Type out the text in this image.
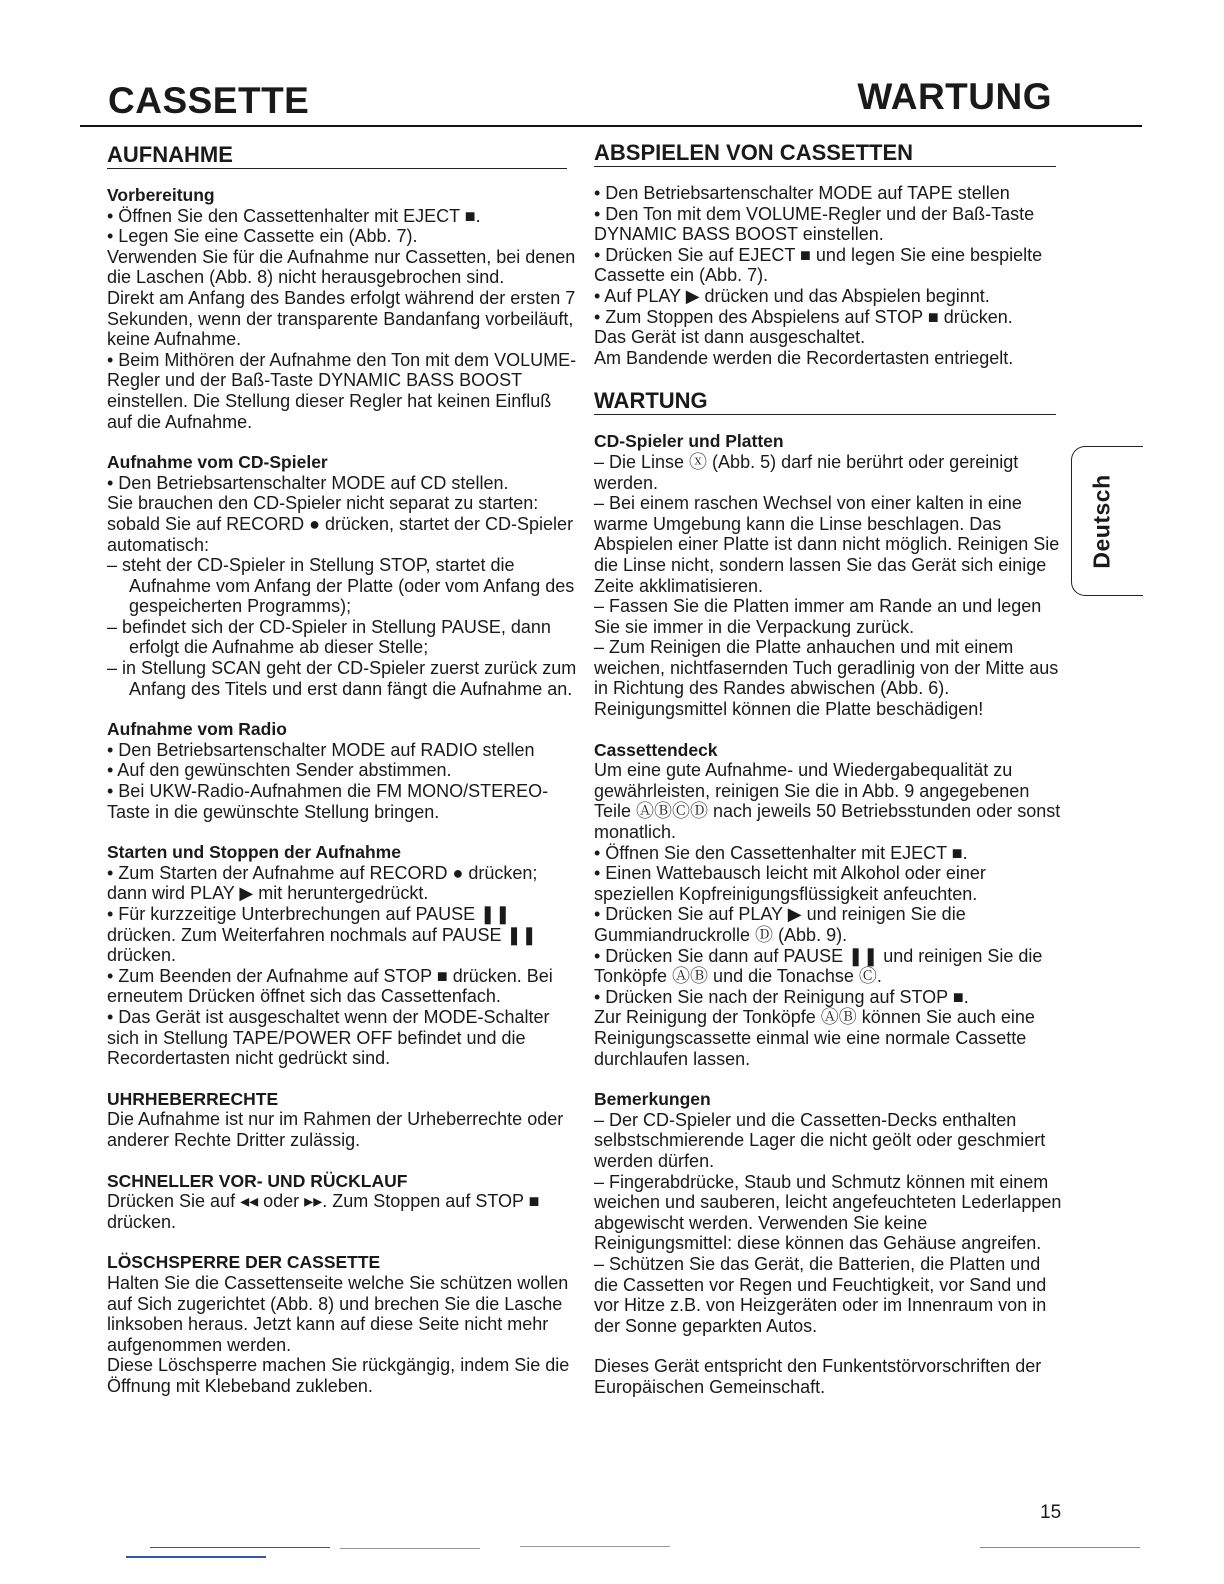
CASSETTE	WARTUNG
AUFNAHME
Vorbereitung

• Öffnen Sie den Cassettenhalter mit EJECT ■.

• Legen Sie eine Cassette ein (Abb. 7).

Verwenden Sie für die Aufnahme nur Cassetten, bei denen die Laschen (Abb. 8) nicht herausgebrochen sind.

Direkt am Anfang des Bandes erfolgt während der ersten 7 Sekunden, wenn der transparente Bandanfang vorbeiläuft, keine Aufnahme.

• Beim Mithören der Aufnahme den Ton mit dem VOLUME-Regler und der Baß-Taste DYNAMIC BASS BOOST einstellen. Die Stellung dieser Regler hat keinen Einfluß auf die Aufnahme.

Aufnahme vom CD-Spieler

• Den Betriebsartenschalter MODE auf CD stellen.

Sie brauchen den CD-Spieler nicht separat zu starten: sobald Sie auf RECORD ● drücken, startet der CD-Spieler automatisch:

– steht der CD-Spieler in Stellung STOP, startet die Aufnahme vom Anfang der Platte (oder vom Anfang des gespeicherten Programms);

– befindet sich der CD-Spieler in Stellung PAUSE, dann erfolgt die Aufnahme ab dieser Stelle;

– in Stellung SCAN geht der CD-Spieler zuerst zurück zum Anfang des Titels und erst dann fängt die Aufnahme an.

Aufnahme vom Radio

• Den Betriebsartenschalter MODE auf RADIO stellen

• Auf den gewünschten Sender abstimmen.

• Bei UKW-Radio-Aufnahmen die FM MONO/STEREO-Taste in die gewünschte Stellung bringen.

Starten und Stoppen der Aufnahme

• Zum Starten der Aufnahme auf RECORD ● drücken; dann wird PLAY ▶ mit heruntergedrückt.

• Für kurzzeitige Unterbrechungen auf PAUSE ❚❚ drücken. Zum Weiterfahren nochmals auf PAUSE ❚❚ drücken.

• Zum Beenden der Aufnahme auf STOP ■ drücken. Bei erneutem Drücken öffnet sich das Cassettenfach.

• Das Gerät ist ausgeschaltet wenn der MODE-Schalter sich in Stellung TAPE/POWER OFF befindet und die Recordertasten nicht gedrückt sind.

UHRHEBERRECHTE

Die Aufnahme ist nur im Rahmen der Urheberrechte oder anderer Rechte Dritter zulässig.

SCHNELLER VOR- UND RÜCKLAUF

Drücken Sie auf ◂◂ oder ▸▸. Zum Stoppen auf STOP ■ drücken.

LÖSCHSPERRE DER CASSETTE

Halten Sie die Cassettenseite welche Sie schützen wollen auf Sich zugerichtet (Abb. 8) und brechen Sie die Lasche linksoben heraus. Jetzt kann auf diese Seite nicht mehr aufgenommen werden.

Diese Löschsperre machen Sie rückgängig, indem Sie die Öffnung mit Klebeband zukleben.

ABSPIELEN VON CASSETTEN

• Den Betriebsartenschalter MODE auf TAPE stellen

• Den Ton mit dem VOLUME-Regler und der Baß-Taste DYNAMIC BASS BOOST einstellen.

• Drücken Sie auf EJECT ■ und legen Sie eine bespielte Cassette ein (Abb. 7).

• Auf PLAY ▶ drücken und das Abspielen beginnt.

• Zum Stoppen des Abspielens auf STOP ■ drücken.

Das Gerät ist dann ausgeschaltet.

Am Bandende werden die Recordertasten entriegelt.

WARTUNG
CD-Spieler und Platten

– Die Linse ⓧ (Abb. 5) darf nie berührt oder gereinigt werden.

– Bei einem raschen Wechsel von einer kalten in eine warme Umgebung kann die Linse beschlagen. Das Abspielen einer Platte ist dann nicht möglich. Reinigen Sie die Linse nicht, sondern lassen Sie das Gerät sich einige Zeite akklimatisieren.

– Fassen Sie die Platten immer am Rande an und legen Sie sie immer in die Verpackung zurück.

– Zum Reinigen die Platte anhauchen und mit einem weichen, nichtfasernden Tuch geradlinig von der Mitte aus in Richtung des Randes abwischen (Abb. 6). Reinigungsmittel können die Platte beschädigen!

Cassettendeck

Um eine gute Aufnahme- und Wiedergabequalität zu gewährleisten, reinigen Sie die in Abb. 9 angegebenen Teile ⒶⒷⒸⒹ nach jeweils 50 Betriebsstunden oder sonst monatlich.

• Öffnen Sie den Cassettenhalter mit EJECT ■.

• Einen Wattebausch leicht mit Alkohol oder einer speziellen Kopfreinigungsflüssigkeit anfeuchten.

• Drücken Sie auf PLAY ▶ und reinigen Sie die Gummiandruckrolle Ⓓ (Abb. 9).

• Drücken Sie dann auf PAUSE ❚❚ und reinigen Sie die Tonköpfe ⒶⒷ und die Tonachse Ⓒ.

• Drücken Sie nach der Reinigung auf STOP ■.

Zur Reinigung der Tonköpfe ⒶⒷ können Sie auch eine Reinigungscassette einmal wie eine normale Cassette durchlaufen lassen.

Bemerkungen

– Der CD-Spieler und die Cassetten-Decks enthalten selbstschmierende Lager die nicht geölt oder geschmiert werden dürfen.

– Fingerabdrücke, Staub und Schmutz können mit einem weichen und sauberen, leicht angefeuchteten Lederlappen abgewischt werden. Verwenden Sie keine Reinigungsmittel: diese können das Gehäuse angreifen.

– Schützen Sie das Gerät, die Batterien, die Platten und die Cassetten vor Regen und Feuchtigkeit, vor Sand und vor Hitze z.B. von Heizgeräten oder im Innenraum von in der Sonne geparkten Autos.

Dieses Gerät entspricht den Funkentstörvorschriften der Europäischen Gemeinschaft.

Deutsch
15
